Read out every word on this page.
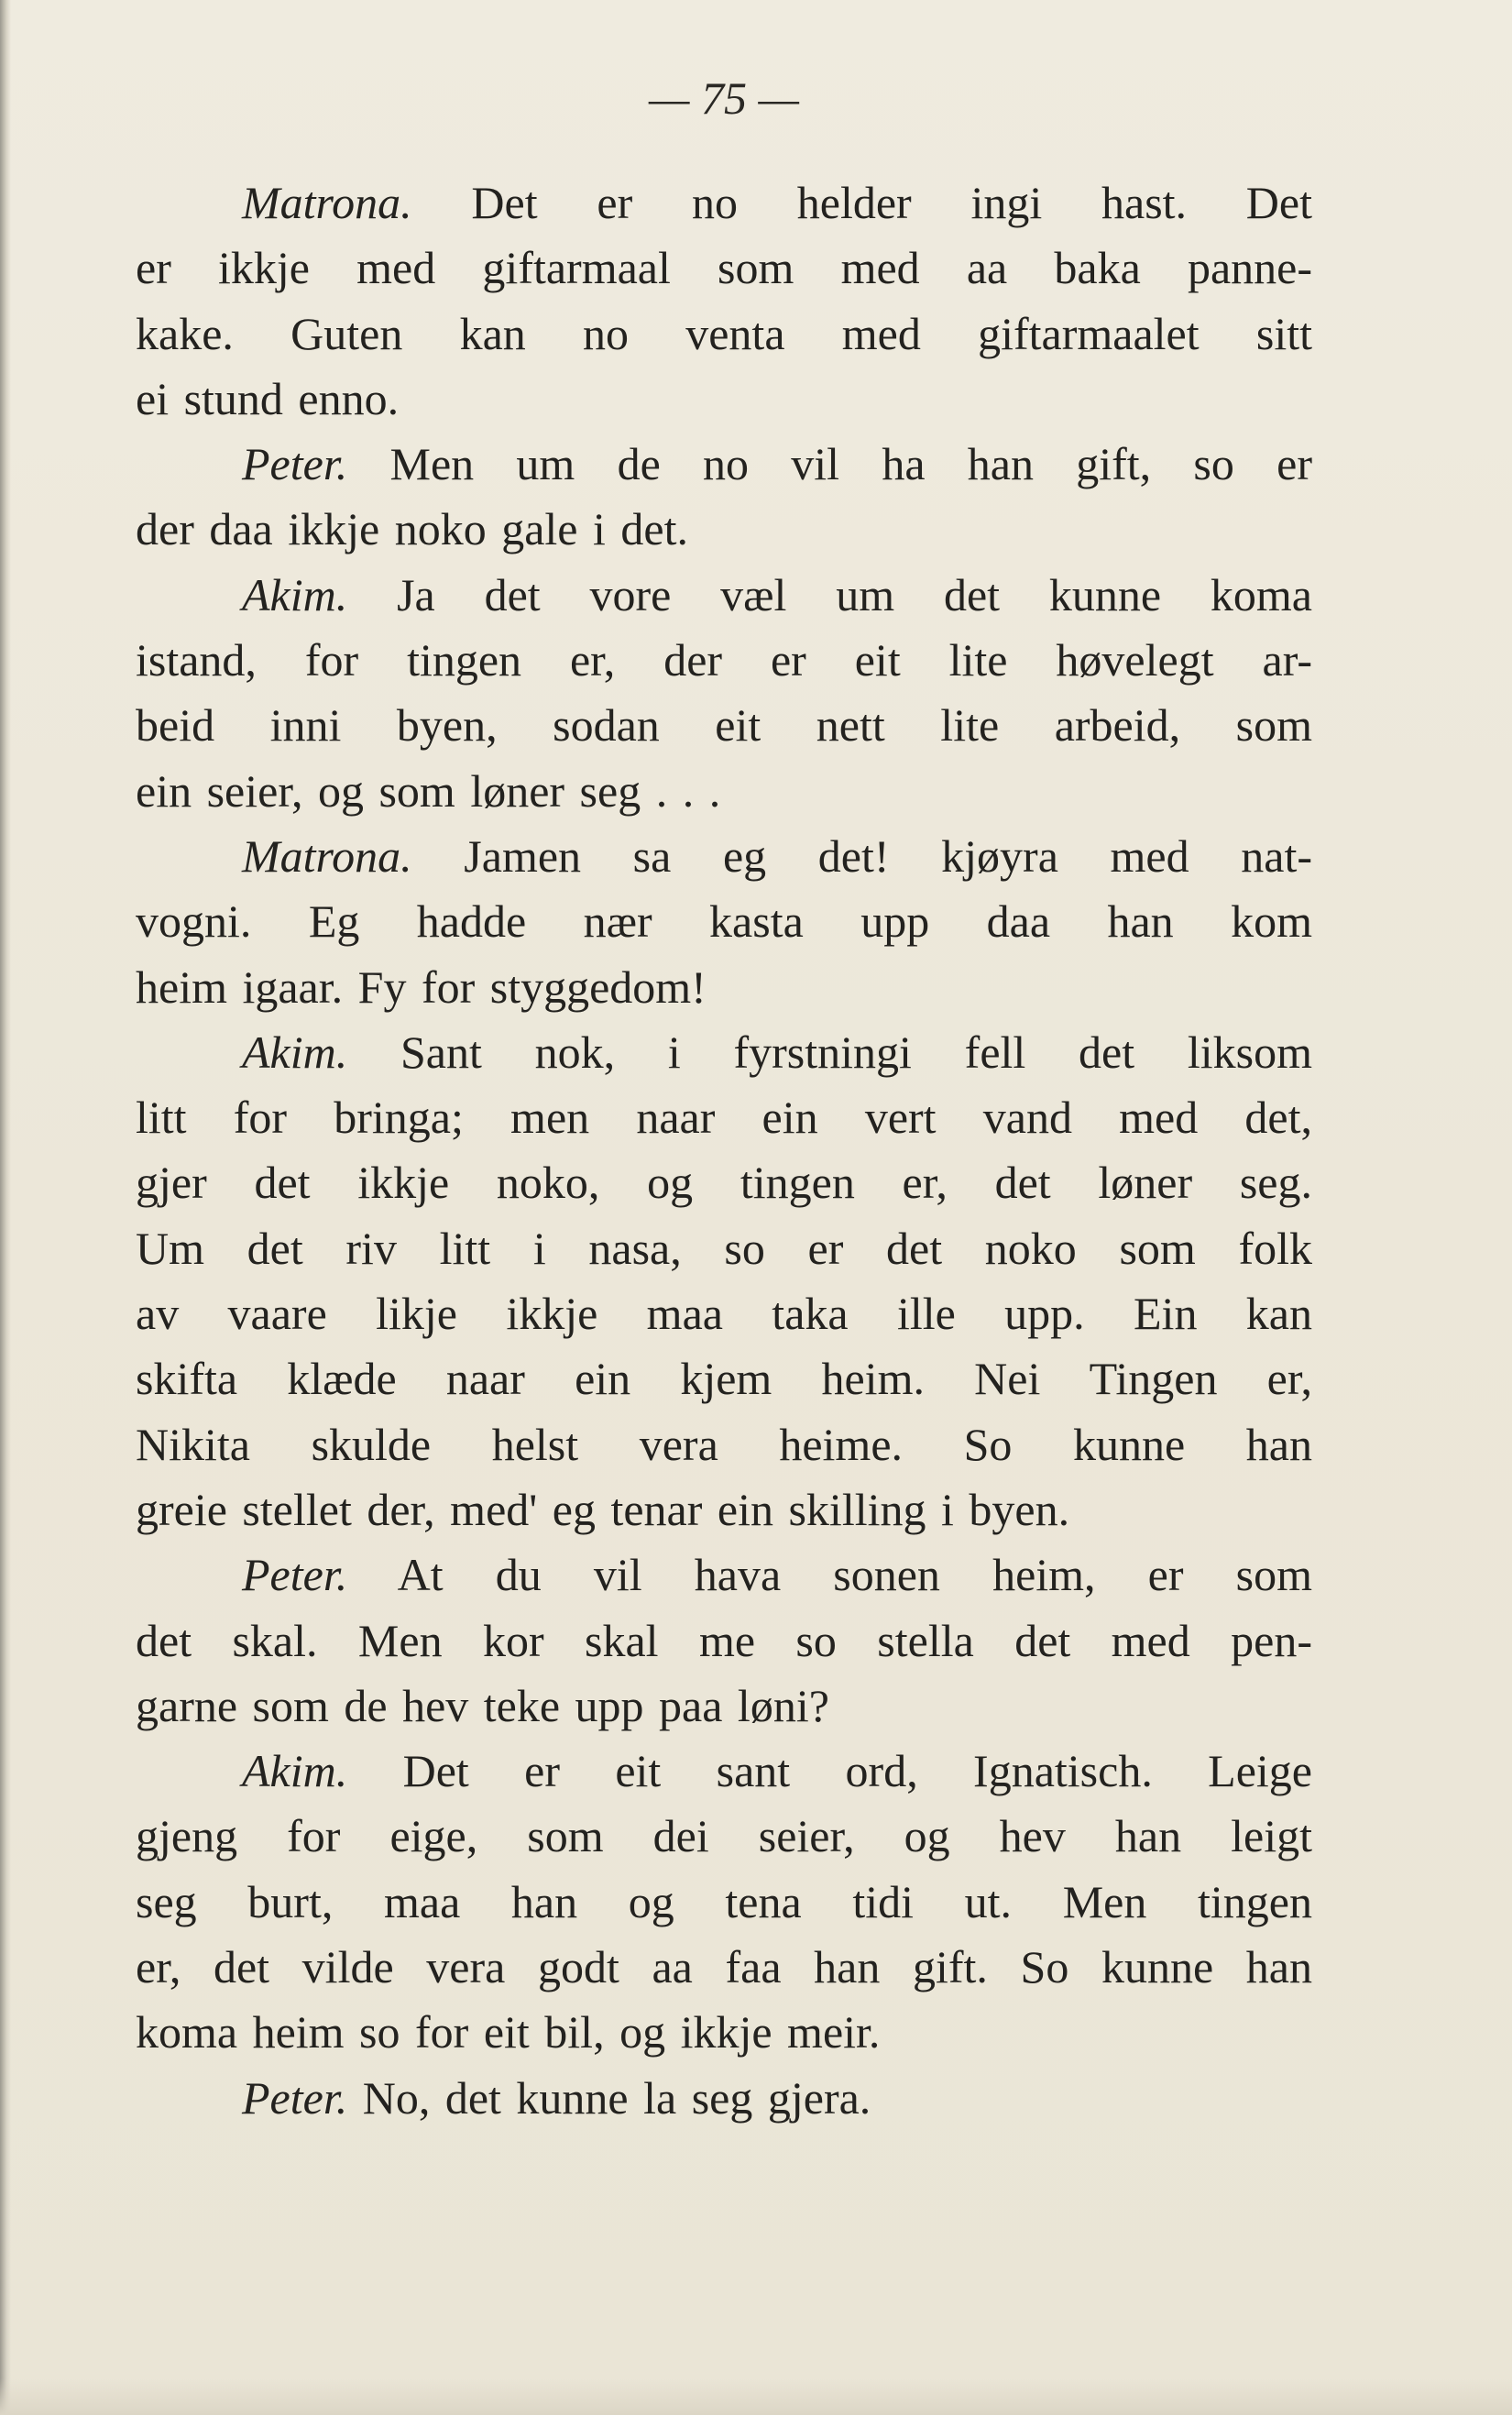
— 75 —
Matrona. Det er no helder ingi hast. Det
er ikkje med giftarmaal som med aa baka panne-
kake. Guten kan no venta med giftarmaalet sitt
ei stund enno.
Peter. Men um de no vil ha han gift, so er
der daa ikkje noko gale i det.
Akim. Ja det vore væl um det kunne koma
istand, for tingen er, der er eit lite høvelegt ar-
beid inni byen, sodan eit nett lite arbeid, som
ein seier, og som løner seg . . .
Matrona. Jamen sa eg det! kjøyra med nat-
vogni. Eg hadde nær kasta upp daa han kom
heim igaar. Fy for styggedom!
Akim. Sant nok, i fyrstningi fell det liksom
litt for bringa; men naar ein vert vand med det,
gjer det ikkje noko, og tingen er, det løner seg.
Um det riv litt i nasa, so er det noko som folk
av vaare likje ikkje maa taka ille upp. Ein kan
skifta klæde naar ein kjem heim. Nei Tingen er,
Nikita skulde helst vera heime. So kunne han
greie stellet der, med' eg tenar ein skilling i byen.
Peter. At du vil hava sonen heim, er som
det skal. Men kor skal me so stella det med pen-
garne som de hev teke upp paa løni?
Akim. Det er eit sant ord, Ignatisch. Leige
gjeng for eige, som dei seier, og hev han leigt
seg burt, maa han og tena tidi ut. Men tingen
er, det vilde vera godt aa faa han gift. So kunne han
koma heim so for eit bil, og ikkje meir.
Peter. No, det kunne la seg gjera.
